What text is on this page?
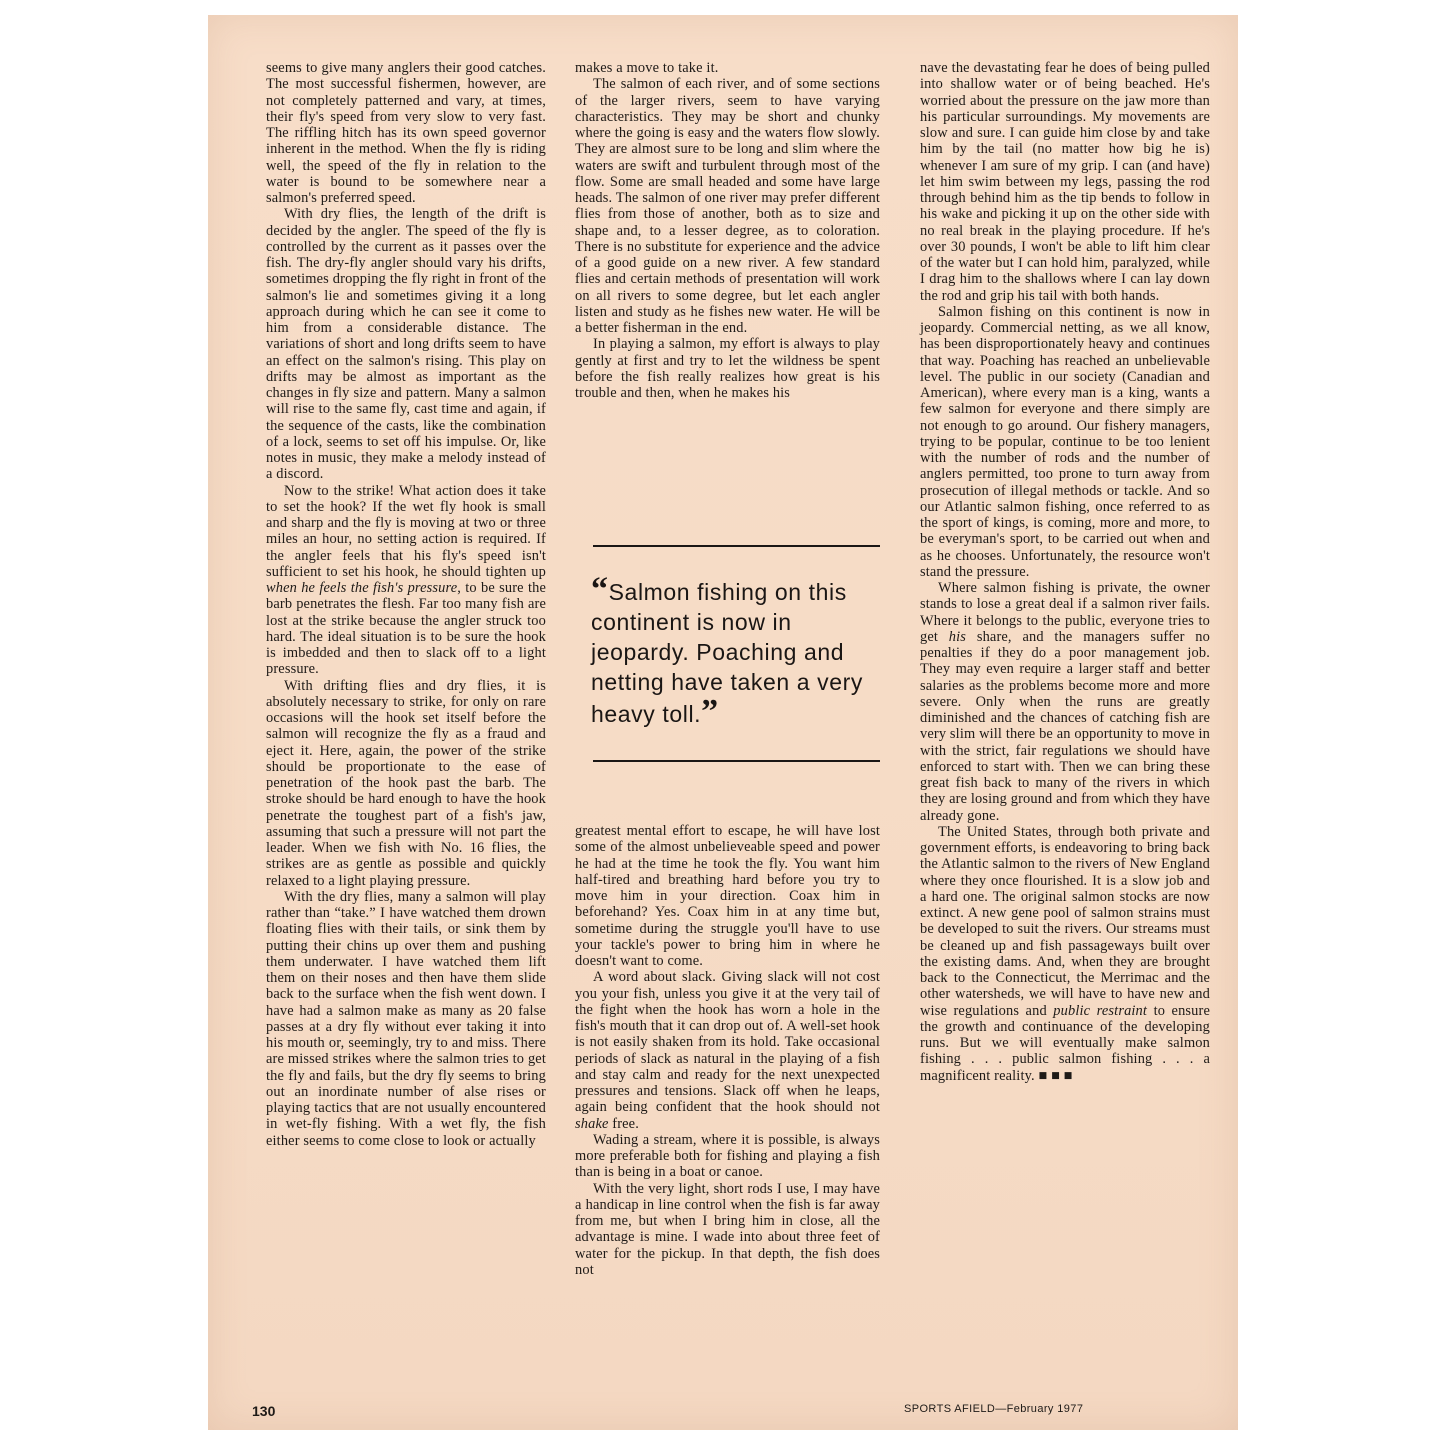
seems to give many anglers their good catches. The most successful fishermen, however, are not completely patterned and vary, at times, their fly's speed from very slow to very fast. The riffling hitch has its own speed governor inherent in the method. When the fly is riding well, the speed of the fly in relation to the water is bound to be somewhere near a salmon's preferred speed.

With dry flies, the length of the drift is decided by the angler. The speed of the fly is controlled by the current as it passes over the fish. The dry-fly angler should vary his drifts, sometimes dropping the fly right in front of the salmon's lie and sometimes giving it a long approach during which he can see it come to him from a considerable distance. The variations of short and long drifts seem to have an effect on the salmon's rising. This play on drifts may be almost as important as the changes in fly size and pattern. Many a salmon will rise to the same fly, cast time and again, if the sequence of the casts, like the combination of a lock, seems to set off his impulse. Or, like notes in music, they make a melody instead of a discord.

Now to the strike! What action does it take to set the hook? If the wet fly hook is small and sharp and the fly is moving at two or three miles an hour, no setting action is required. If the angler feels that his fly's speed isn't sufficient to set his hook, he should tighten up when he feels the fish's pressure, to be sure the barb penetrates the flesh. Far too many fish are lost at the strike because the angler struck too hard. The ideal situation is to be sure the hook is imbedded and then to slack off to a light pressure.

With drifting flies and dry flies, it is absolutely necessary to strike, for only on rare occasions will the hook set itself before the salmon will recognize the fly as a fraud and eject it. Here, again, the power of the strike should be proportionate to the ease of penetration of the hook past the barb. The stroke should be hard enough to have the hook penetrate the toughest part of a fish's jaw, assuming that such a pressure will not part the leader. When we fish with No. 16 flies, the strikes are as gentle as possible and quickly relaxed to a light playing pressure.

With the dry flies, many a salmon will play rather than “take.” I have watched them drown floating flies with their tails, or sink them by putting their chins up over them and pushing them underwater. I have watched them lift them on their noses and then have them slide back to the surface when the fish went down. I have had a salmon make as many as 20 false passes at a dry fly without ever taking it into his mouth or, seemingly, try to and miss. There are missed strikes where the salmon tries to get the fly and fails, but the dry fly seems to bring out an inordinate number of alse rises or playing tactics that are not usually encountered in wet-fly fishing. With a wet fly, the fish either seems to come close to look or actually

makes a move to take it.

The salmon of each river, and of some sections of the larger rivers, seem to have varying characteristics. They may be short and chunky where the going is easy and the waters flow slowly. They are almost sure to be long and slim where the waters are swift and turbulent through most of the flow. Some are small headed and some have large heads. The salmon of one river may prefer different flies from those of another, both as to size and shape and, to a lesser degree, as to coloration. There is no substitute for experience and the advice of a good guide on a new river. A few standard flies and certain methods of presentation will work on all rivers to some degree, but let each angler listen and study as he fishes new water. He will be a better fisherman in the end.

In playing a salmon, my effort is always to play gently at first and try to let the wildness be spent before the fish really realizes how great is his trouble and then, when he makes his

“Salmon fishing on this continent is now in jeopardy. Poaching and netting have taken a very heavy toll.”

greatest mental effort to escape, he will have lost some of the almost unbelieveable speed and power he had at the time he took the fly. You want him half-tired and breathing hard before you try to move him in your direction. Coax him in beforehand? Yes. Coax him in at any time but, sometime during the struggle you'll have to use your tackle's power to bring him in where he doesn't want to come.

A word about slack. Giving slack will not cost you your fish, unless you give it at the very tail of the fight when the hook has worn a hole in the fish's mouth that it can drop out of. A well-set hook is not easily shaken from its hold. Take occasional periods of slack as natural in the playing of a fish and stay calm and ready for the next unexpected pressures and tensions. Slack off when he leaps, again being confident that the hook should not shake free.

Wading a stream, where it is possible, is always more preferable both for fishing and playing a fish than is being in a boat or canoe.

With the very light, short rods I use, I may have a handicap in line control when the fish is far away from me, but when I bring him in close, all the advantage is mine. I wade into about three feet of water for the pickup. In that depth, the fish does not

nave the devastating fear he does of being pulled into shallow water or of being beached. He's worried about the pressure on the jaw more than his particular surroundings. My movements are slow and sure. I can guide him close by and take him by the tail (no matter how big he is) whenever I am sure of my grip. I can (and have) let him swim between my legs, passing the rod through behind him as the tip bends to follow in his wake and picking it up on the other side with no real break in the playing procedure. If he's over 30 pounds, I won't be able to lift him clear of the water but I can hold him, paralyzed, while I drag him to the shallows where I can lay down the rod and grip his tail with both hands.

Salmon fishing on this continent is now in jeopardy. Commercial netting, as we all know, has been disproportionately heavy and continues that way. Poaching has reached an unbelievable level. The public in our society (Canadian and American), where every man is a king, wants a few salmon for everyone and there simply are not enough to go around. Our fishery managers, trying to be popular, continue to be too lenient with the number of rods and the number of anglers permitted, too prone to turn away from prosecution of illegal methods or tackle. And so our Atlantic salmon fishing, once referred to as the sport of kings, is coming, more and more, to be everyman's sport, to be carried out when and as he chooses. Unfortunately, the resource won't stand the pressure.

Where salmon fishing is private, the owner stands to lose a great deal if a salmon river fails. Where it belongs to the public, everyone tries to get his share, and the managers suffer no penalties if they do a poor management job. They may even require a larger staff and better salaries as the problems become more and more severe. Only when the runs are greatly diminished and the chances of catching fish are very slim will there be an opportunity to move in with the strict, fair regulations we should have enforced to start with. Then we can bring these great fish back to many of the rivers in which they are losing ground and from which they have already gone.

The United States, through both private and government efforts, is endeavoring to bring back the Atlantic salmon to the rivers of New England where they once flourished. It is a slow job and a hard one. The original salmon stocks are now extinct. A new gene pool of salmon strains must be developed to suit the rivers. Our streams must be cleaned up and fish passageways built over the existing dams. And, when they are brought back to the Connecticut, the Merrimac and the other watersheds, we will have to have new and wise regulations and public restraint to ensure the growth and continuance of the developing runs. But we will eventually make salmon fishing . . . public salmon fishing . . . a magnificent reality. ■ ■ ■

130	SPORTS AFIELD—February 1977
